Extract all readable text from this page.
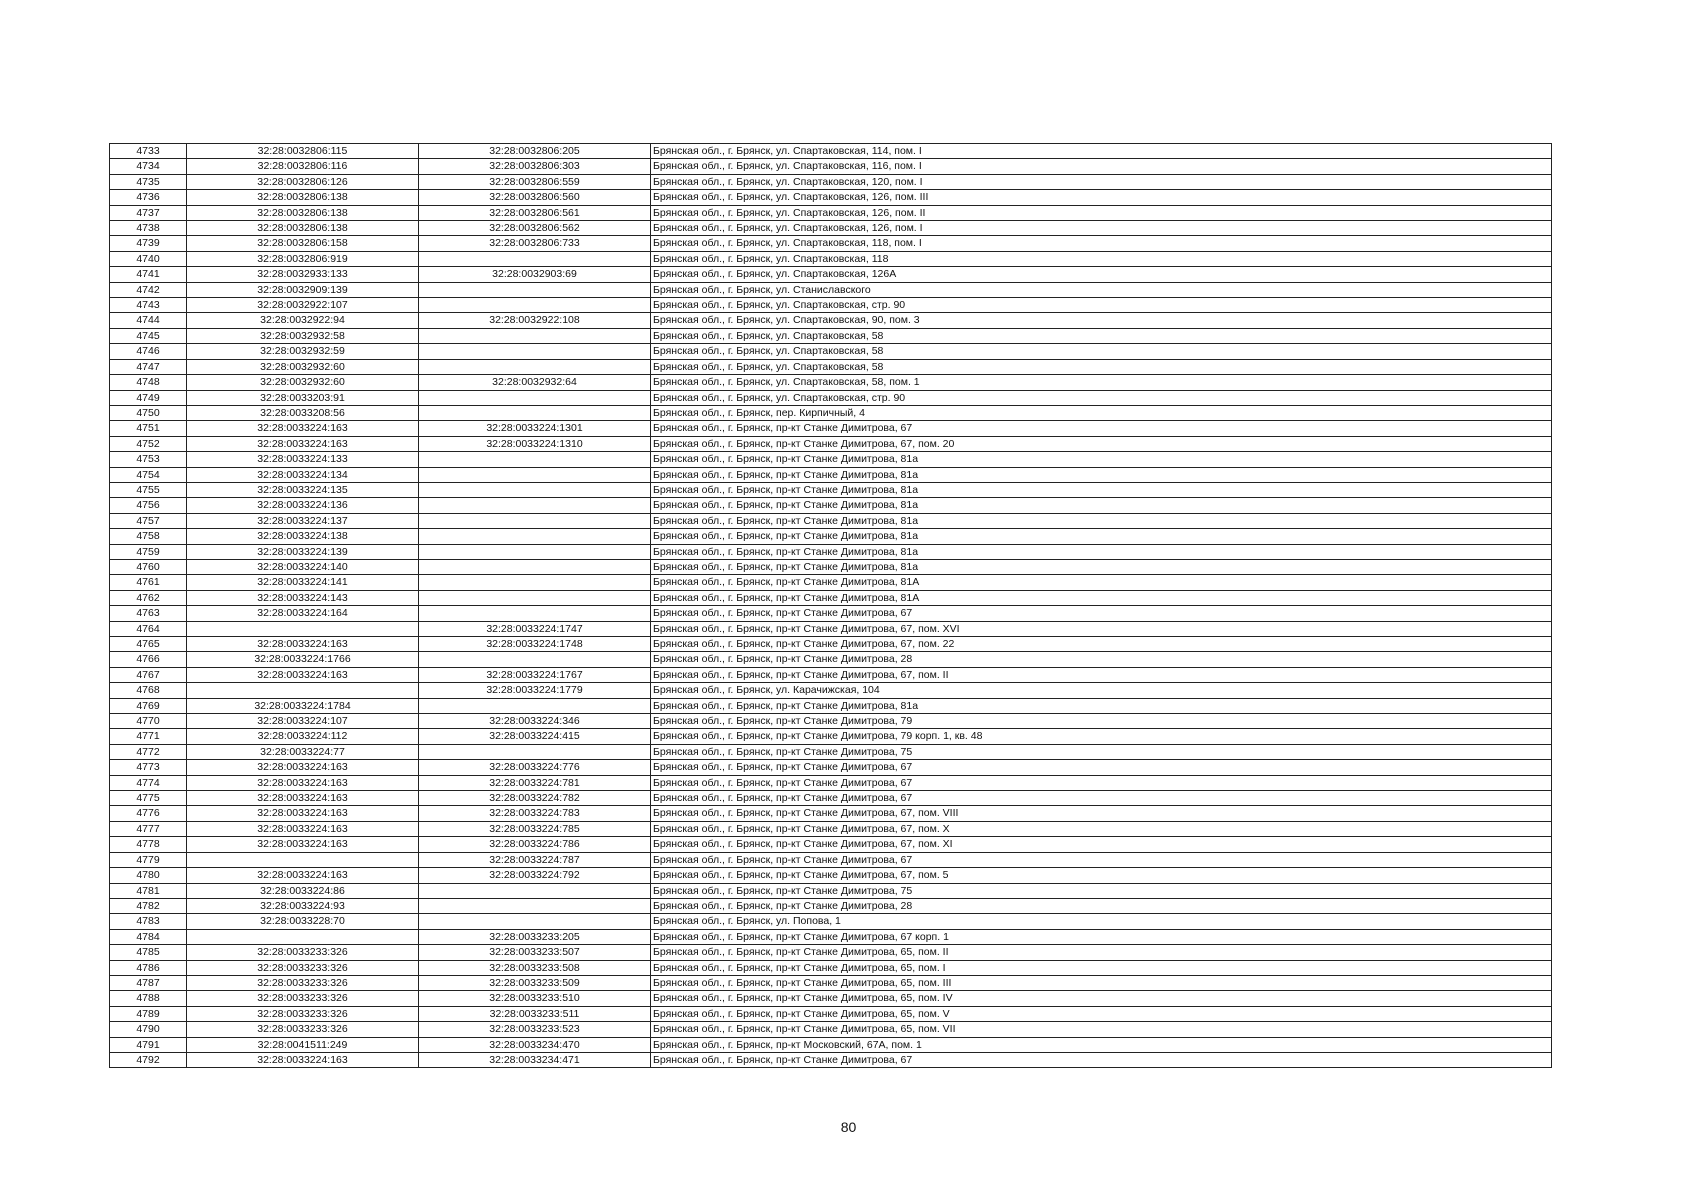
4733	32:28:0032806:115	32:28:0032806:205	Брянская обл., г. Брянск, ул. Спартаковская, 114, пом. I
4734	32:28:0032806:116	32:28:0032806:303	Брянская обл., г. Брянск, ул. Спартаковская, 116, пом. I
4735	32:28:0032806:126	32:28:0032806:559	Брянская обл., г. Брянск, ул. Спартаковская, 120, пом. I
4736	32:28:0032806:138	32:28:0032806:560	Брянская обл., г. Брянск, ул. Спартаковская, 126, пом. III
4737	32:28:0032806:138	32:28:0032806:561	Брянская обл., г. Брянск, ул. Спартаковская, 126, пом. II
4738	32:28:0032806:138	32:28:0032806:562	Брянская обл., г. Брянск, ул. Спартаковская, 126, пом. I
4739	32:28:0032806:158	32:28:0032806:733	Брянская обл., г. Брянск, ул. Спартаковская, 118, пом. I
4740	32:28:0032806:919		Брянская обл., г. Брянск, ул. Спартаковская, 118
4741	32:28:0032933:133	32:28:0032903:69	Брянская обл., г. Брянск, ул. Спартаковская, 126А
4742	32:28:0032909:139		Брянская обл., г. Брянск, ул. Станиславского
4743	32:28:0032922:107		Брянская обл., г. Брянск, ул. Спартаковская, стр. 90
4744	32:28:0032922:94	32:28:0032922:108	Брянская обл., г. Брянск, ул. Спартаковская, 90, пом. 3
4745	32:28:0032932:58		Брянская обл., г. Брянск, ул. Спартаковская, 58
4746	32:28:0032932:59		Брянская обл., г. Брянск, ул. Спартаковская, 58
4747	32:28:0032932:60		Брянская обл., г. Брянск, ул. Спартаковская, 58
4748	32:28:0032932:60	32:28:0032932:64	Брянская обл., г. Брянск, ул. Спартаковская, 58, пом. 1
4749	32:28:0033203:91		Брянская обл., г. Брянск, ул. Спартаковская, стр. 90
4750	32:28:0033208:56		Брянская обл., г. Брянск, пер. Кирпичный, 4
4751	32:28:0033224:163	32:28:0033224:1301	Брянская обл., г. Брянск, пр-кт Станке Димитрова, 67
4752	32:28:0033224:163	32:28:0033224:1310	Брянская обл., г. Брянск, пр-кт Станке Димитрова, 67, пом. 20
4753	32:28:0033224:133		Брянская обл., г. Брянск, пр-кт Станке Димитрова, 81а
4754	32:28:0033224:134		Брянская обл., г. Брянск, пр-кт Станке Димитрова, 81а
4755	32:28:0033224:135		Брянская обл., г. Брянск, пр-кт Станке Димитрова, 81а
4756	32:28:0033224:136		Брянская обл., г. Брянск, пр-кт Станке Димитрова, 81а
4757	32:28:0033224:137		Брянская обл., г. Брянск, пр-кт Станке Димитрова, 81а
4758	32:28:0033224:138		Брянская обл., г. Брянск, пр-кт Станке Димитрова, 81а
4759	32:28:0033224:139		Брянская обл., г. Брянск, пр-кт Станке Димитрова, 81а
4760	32:28:0033224:140		Брянская обл., г. Брянск, пр-кт Станке Димитрова, 81а
4761	32:28:0033224:141		Брянская обл., г. Брянск, пр-кт Станке Димитрова, 81А
4762	32:28:0033224:143		Брянская обл., г. Брянск, пр-кт Станке Димитрова, 81А
4763	32:28:0033224:164		Брянская обл., г. Брянск, пр-кт Станке Димитрова, 67
4764		32:28:0033224:1747	Брянская обл., г. Брянск, пр-кт Станке Димитрова, 67, пом. XVI
4765	32:28:0033224:163	32:28:0033224:1748	Брянская обл., г. Брянск, пр-кт Станке Димитрова, 67, пом. 22
4766	32:28:0033224:1766		Брянская обл., г. Брянск, пр-кт Станке Димитрова, 28
4767	32:28:0033224:163	32:28:0033224:1767	Брянская обл., г. Брянск, пр-кт Станке Димитрова, 67, пом. II
4768		32:28:0033224:1779	Брянская обл., г. Брянск, ул. Карачижская, 104
4769	32:28:0033224:1784		Брянская обл., г. Брянск, пр-кт Станке Димитрова, 81а
4770	32:28:0033224:107	32:28:0033224:346	Брянская обл., г. Брянск, пр-кт Станке Димитрова, 79
4771	32:28:0033224:112	32:28:0033224:415	Брянская обл., г. Брянск, пр-кт Станке Димитрова, 79 корп. 1, кв. 48
4772	32:28:0033224:77		Брянская обл., г. Брянск, пр-кт Станке Димитрова, 75
4773	32:28:0033224:163	32:28:0033224:776	Брянская обл., г. Брянск, пр-кт Станке Димитрова, 67
4774	32:28:0033224:163	32:28:0033224:781	Брянская обл., г. Брянск, пр-кт Станке Димитрова, 67
4775	32:28:0033224:163	32:28:0033224:782	Брянская обл., г. Брянск, пр-кт Станке Димитрова, 67
4776	32:28:0033224:163	32:28:0033224:783	Брянская обл., г. Брянск, пр-кт Станке Димитрова, 67, пом. VIII
4777	32:28:0033224:163	32:28:0033224:785	Брянская обл., г. Брянск, пр-кт Станке Димитрова, 67, пом. X
4778	32:28:0033224:163	32:28:0033224:786	Брянская обл., г. Брянск, пр-кт Станке Димитрова, 67, пом. XI
4779		32:28:0033224:787	Брянская обл., г. Брянск, пр-кт Станке Димитрова, 67
4780	32:28:0033224:163	32:28:0033224:792	Брянская обл., г. Брянск, пр-кт Станке Димитрова, 67, пом. 5
4781	32:28:0033224:86		Брянская обл., г. Брянск, пр-кт Станке Димитрова, 75
4782	32:28:0033224:93		Брянская обл., г. Брянск, пр-кт Станке Димитрова, 28
4783	32:28:0033228:70		Брянская обл., г. Брянск, ул. Попова, 1
4784		32:28:0033233:205	Брянская обл., г. Брянск, пр-кт Станке Димитрова, 67 корп. 1
4785	32:28:0033233:326	32:28:0033233:507	Брянская обл., г. Брянск, пр-кт Станке Димитрова, 65, пом. II
4786	32:28:0033233:326	32:28:0033233:508	Брянская обл., г. Брянск, пр-кт Станке Димитрова, 65, пом. I
4787	32:28:0033233:326	32:28:0033233:509	Брянская обл., г. Брянск, пр-кт Станке Димитрова, 65, пом. III
4788	32:28:0033233:326	32:28:0033233:510	Брянская обл., г. Брянск, пр-кт Станке Димитрова, 65, пом. IV
4789	32:28:0033233:326	32:28:0033233:511	Брянская обл., г. Брянск, пр-кт Станке Димитрова, 65, пом. V
4790	32:28:0033233:326	32:28:0033233:523	Брянская обл., г. Брянск, пр-кт Станке Димитрова, 65, пом. VII
4791	32:28:0041511:249	32:28:0033234:470	Брянская обл., г. Брянск, пр-кт Московский, 67А, пом. 1
4792	32:28:0033224:163	32:28:0033234:471	Брянская обл., г. Брянск, пр-кт Станке Димитрова, 67
80
